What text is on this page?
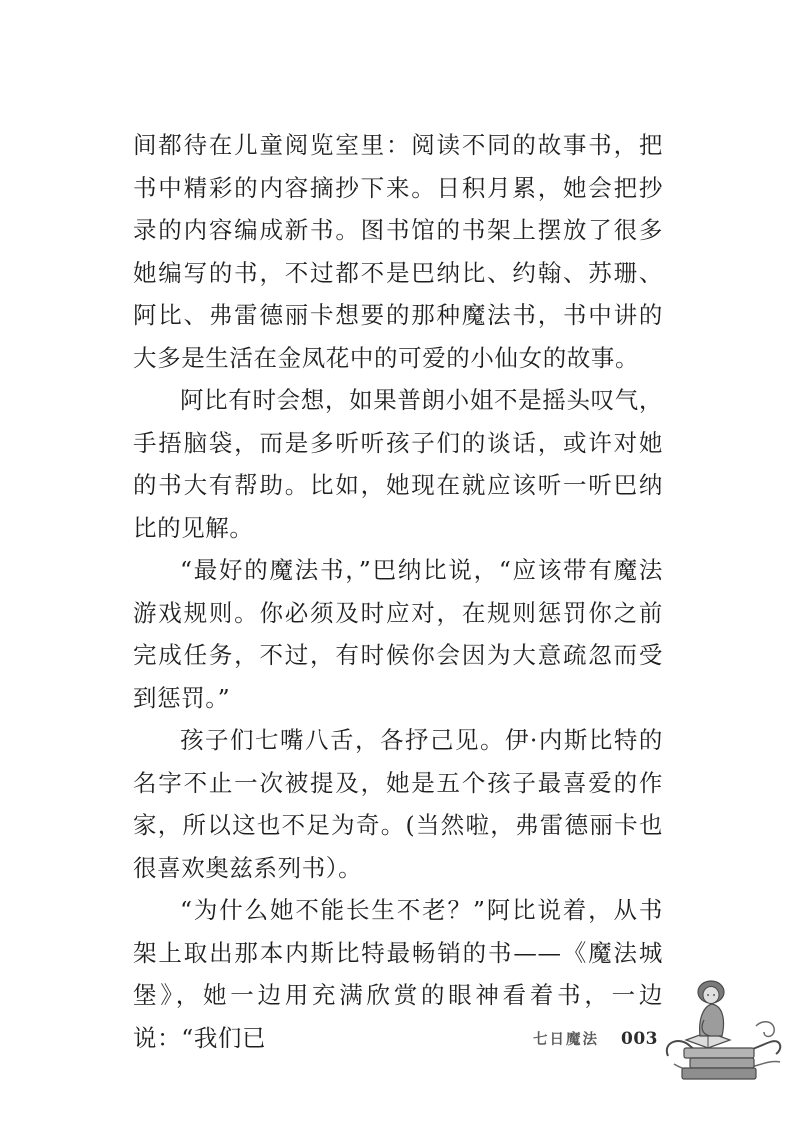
间都待在儿童阅览室里：阅读不同的故事书，把书中精彩的内容摘抄下来。日积月累，她会把抄录的内容编成新书。图书馆的书架上摆放了很多她编写的书，不过都不是巴纳比、约翰、苏珊、阿比、弗雷德丽卡想要的那种魔法书，书中讲的大多是生活在金凤花中的可爱的小仙女的故事。

阿比有时会想，如果普朗小姐不是摇头叹气，手捂脑袋，而是多听听孩子们的谈话，或许对她的书大有帮助。比如，她现在就应该听一听巴纳比的见解。

“最好的魔法书，”巴纳比说，“应该带有魔法游戏规则。你必须及时应对，在规则惩罚你之前完成任务，不过，有时候你会因为大意疏忽而受到惩罚。”

孩子们七嘴八舌，各抒己见。伊·内斯比特的名字不止一次被提及，她是五个孩子最喜爱的作家，所以这也不足为奇。(当然啦，弗雷德丽卡也很喜欢奥兹系列书）。

“为什么她不能长生不老？”阿比说着，从书架上取出那本内斯比特最畅销的书——《魔法城堡》，她一边用充满欣赏的眼神看着书，一边说：“我们已	七日魔法 003
